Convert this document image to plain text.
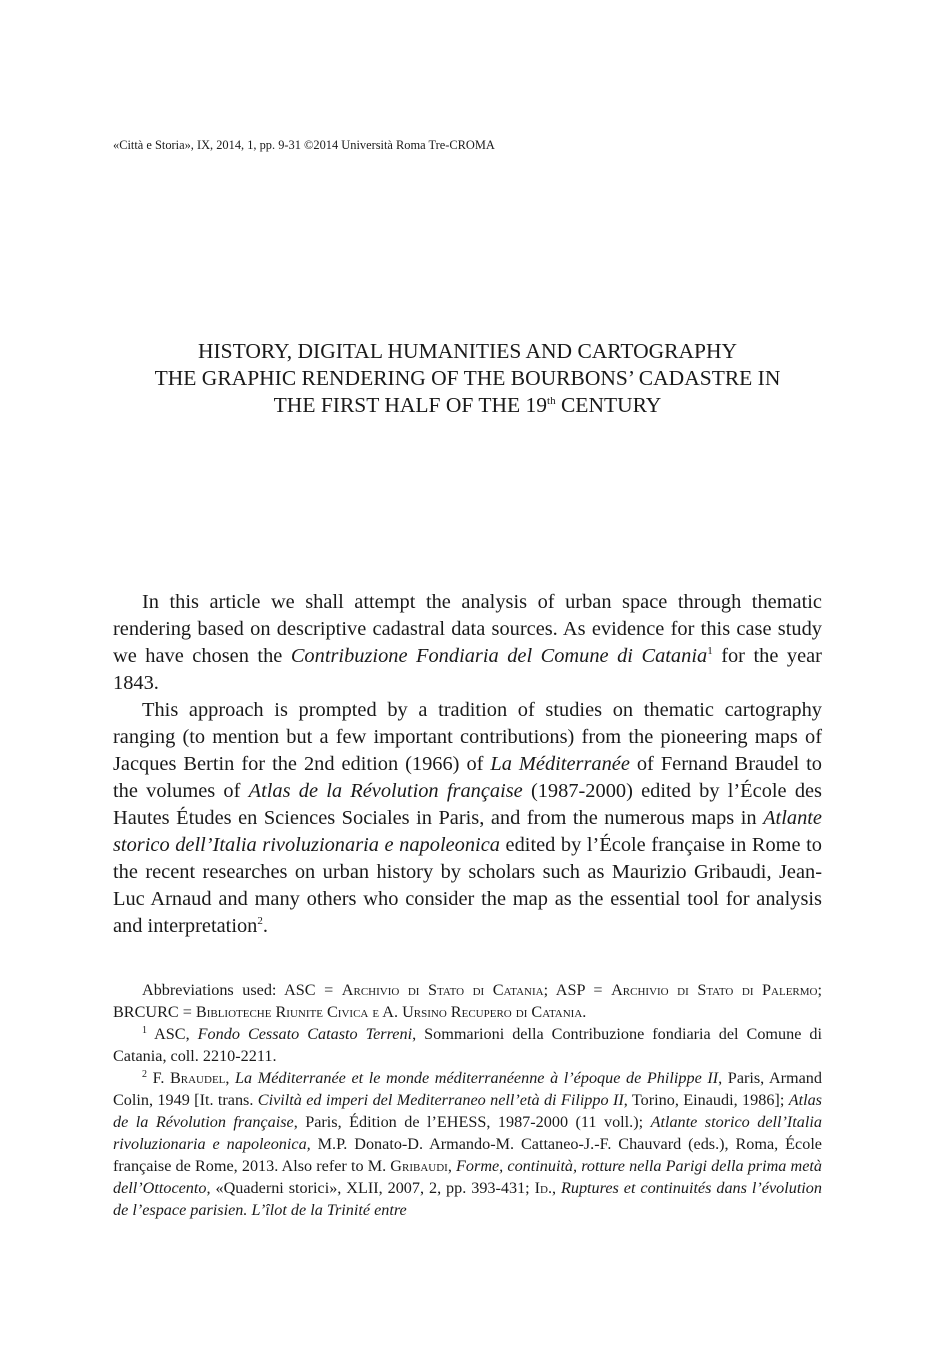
«Città e Storia», IX, 2014, 1, pp. 9-31 ©2014 Università Roma Tre-CROMA
HISTORY, DIGITAL HUMANITIES AND CARTOGRAPHY
THE GRAPHIC RENDERING OF THE BOURBONS’ CADASTRE IN
THE FIRST HALF OF THE 19th CENTURY

In this article we shall attempt the analysis of urban space through thematic rendering based on descriptive cadastral data sources. As evidence for this case study we have chosen the Contribuzione Fondiaria del Comune di Catania$^1$ for the year 1843.

This approach is prompted by a tradition of studies on thematic cartography ranging (to mention but a few important contributions) from the pioneering maps of Jacques Bertin for the 2nd edition (1966) of La Méditerranée of Fernand Braudel to the volumes of Atlas de la Révolution française (1987-2000) edited by l’École des Hautes Études en Sciences Sociales in Paris, and from the numerous maps in Atlante storico dell’Italia rivoluzionaria e napoleonica edited by l’École française in Rome to the recent researches on urban history by scholars such as Maurizio Gribaudi, Jean-Luc Arnaud and many others who consider the map as the essential tool for analysis and interpretation$^2$.

Abbreviations used: ASC = Archivio di Stato di Catania; ASP = Archivio di Stato di Palermo; BRCURC = Biblioteche Riunite Civica e A. Ursino Recupero di Catania.

$^1$ ASC, Fondo Cessato Catasto Terreni, Sommarioni della Contribuzione fondiaria del Comune di Catania, coll. 2210-2211.

$^2$ F. Braudel, La Méditerranée et le monde méditerranéenne à l’époque de Philippe II, Paris, Armand Colin, 1949 [It. trans. Civiltà ed imperi del Mediterraneo nell’età di Filippo II, Torino, Einaudi, 1986]; Atlas de la Révolution française, Paris, Édition de l’EHESS, 1987-2000 (11 voll.); Atlante storico dell’Italia rivoluzionaria e napoleonica, M.P. Donato-D. Armando-M. Cattaneo-J.-F. Chauvard (eds.), Roma, École française de Rome, 2013. Also refer to M. Gribaudi, Forme, continuità, rotture nella Parigi della prima metà dell’Ottocento, «Quaderni storici», XLII, 2007, 2, pp. 393-431; Id., Ruptures et continuités dans l’évolution de l’espace parisien. L’îlot de la Trinité entre
